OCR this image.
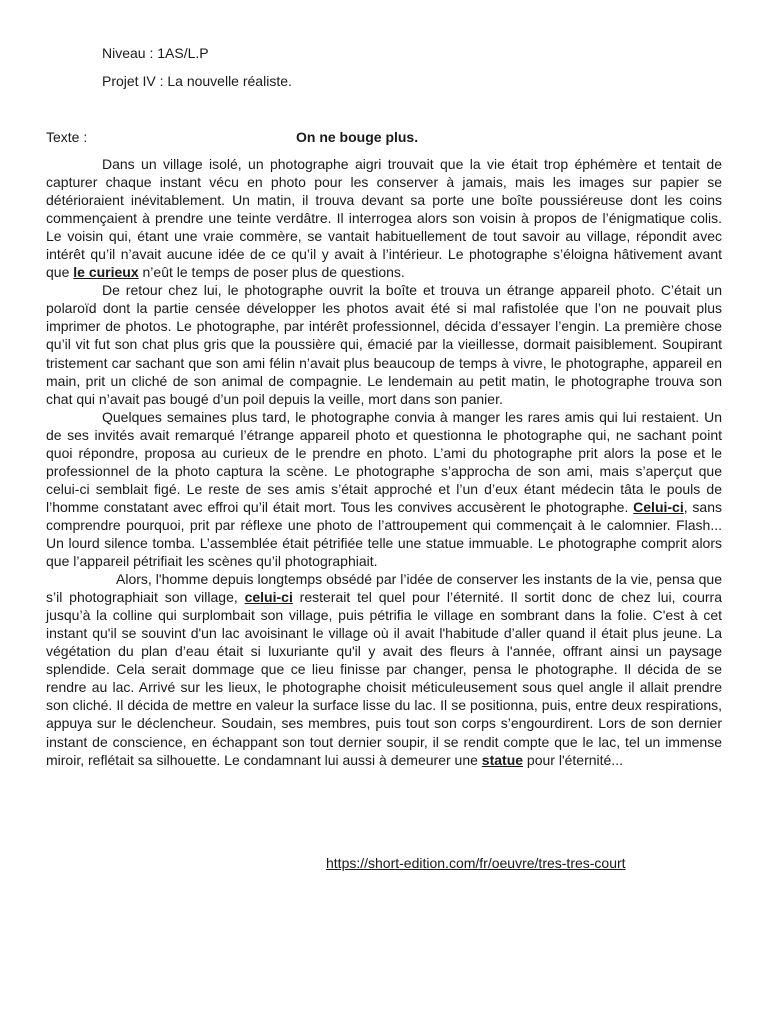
Niveau : 1AS/L.P
Projet IV : La nouvelle réaliste.
Texte :	On ne bouge plus.

Dans un village isolé, un photographe aigri trouvait que la vie était trop éphémère et tentait de capturer chaque instant vécu en photo pour les conserver à jamais, mais les images sur papier se détérioraient inévitablement. Un matin, il trouva devant sa porte une boîte poussiéreuse dont les coins commençaient à prendre une teinte verdâtre. Il interrogea alors son voisin à propos de l’énigmatique colis. Le voisin qui, étant une vraie commère, se vantait habituellement de tout savoir au village, répondit avec intérêt qu’il n’avait aucune idée de ce qu’il y avait à l’intérieur. Le photographe s’éloigna hâtivement avant que le curieux n’eût le temps de poser plus de questions.

De retour chez lui, le photographe ouvrit la boîte et trouva un étrange appareil photo. C’était un polaroïd dont la partie censée développer les photos avait été si mal rafistolée que l’on ne pouvait plus imprimer de photos. Le photographe, par intérêt professionnel, décida d’essayer l’engin. La première chose qu’il vit fut son chat plus gris que la poussière qui, émacié par la vieillesse, dormait paisiblement. Soupirant tristement car sachant que son ami félin n’avait plus beaucoup de temps à vivre, le photographe, appareil en main, prit un cliché de son animal de compagnie. Le lendemain au petit matin, le photographe trouva son chat qui n’avait pas bougé d’un poil depuis la veille, mort dans son panier.

Quelques semaines plus tard, le photographe convia à manger les rares amis qui lui restaient. Un de ses invités avait remarqué l’étrange appareil photo et questionna le photographe qui, ne sachant point quoi répondre, proposa au curieux de le prendre en photo. L’ami du photographe prit alors la pose et le professionnel de la photo captura la scène. Le photographe s’approcha de son ami, mais s’aperçut que celui-ci semblait figé. Le reste de ses amis s’était approché et l’un d’eux étant médecin tâta le pouls de l’homme constatant avec effroi qu’il était mort. Tous les convives accusèrent le photographe. Celui-ci, sans comprendre pourquoi, prit par réflexe une photo de l’attroupement qui commençait à le calomnier. Flash... Un lourd silence tomba. L’assemblée était pétrifiée telle une statue immuable. Le photographe comprit alors que l’appareil pétrifiait les scènes qu’il photographiait.

Alors, l'homme depuis longtemps obsédé par l’idée de conserver les instants de la vie, pensa que s’il photographiait son village, celui-ci resterait tel quel pour l’éternité. Il sortit donc de chez lui, courra jusqu’à la colline qui surplombait son village, puis pétrifia le village en sombrant dans la folie. C'est à cet instant qu'il se souvint d'un lac avoisinant le village où il avait l'habitude d’aller quand il était plus jeune. La végétation du plan d’eau était si luxuriante qu'il y avait des fleurs à l'année, offrant ainsi un paysage splendide. Cela serait dommage que ce lieu finisse par changer, pensa le photographe. Il décida de se rendre au lac. Arrivé sur les lieux, le photographe choisit méticuleusement sous quel angle il allait prendre son cliché. Il décida de mettre en valeur la surface lisse du lac. Il se positionna, puis, entre deux respirations, appuya sur le déclencheur. Soudain, ses membres, puis tout son corps s’engourdirent. Lors de son dernier instant de conscience, en échappant son tout dernier soupir, il se rendit compte que le lac, tel un immense miroir, reflétait sa silhouette. Le condamnant lui aussi à demeurer une statue pour l'éternité...

https://short-edition.com/fr/oeuvre/tres-tres-court
